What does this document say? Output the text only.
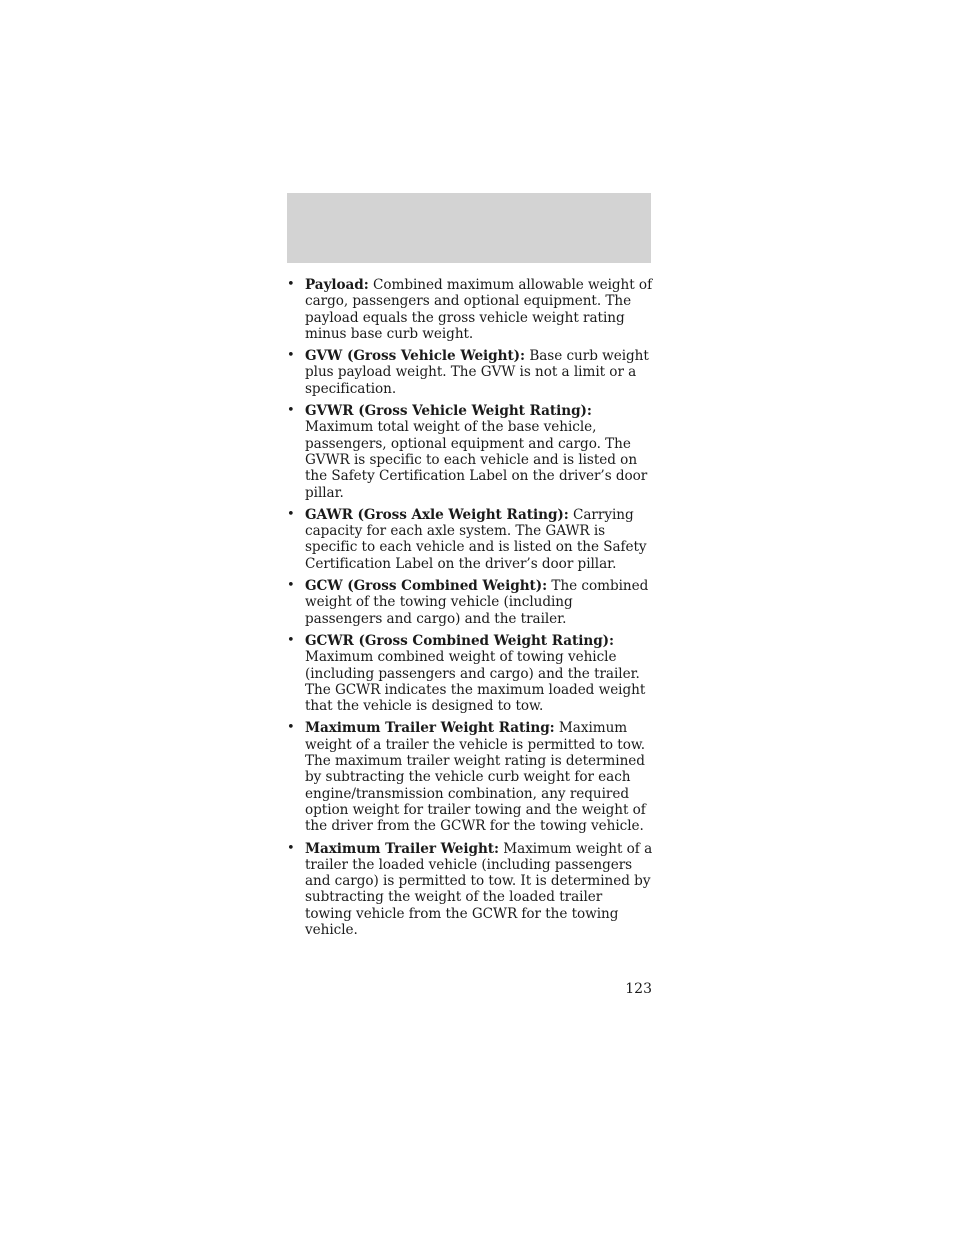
• Payload: Combined maximum allowable weight of cargo, passengers and optional equipment. The payload equals the gross vehicle weight rating minus base curb weight.
• GVW (Gross Vehicle Weight): Base curb weight plus payload weight. The GVW is not a limit or a specification.
• GVWR (Gross Vehicle Weight Rating): Maximum total weight of the base vehicle, passengers, optional equipment and cargo. The GVWR is specific to each vehicle and is listed on the Safety Certification Label on the driver’s door pillar.
• GAWR (Gross Axle Weight Rating): Carrying capacity for each axle system. The GAWR is specific to each vehicle and is listed on the Safety Certification Label on the driver’s door pillar.
• GCW (Gross Combined Weight): The combined weight of the towing vehicle (including passengers and cargo) and the trailer.
• GCWR (Gross Combined Weight Rating): Maximum combined weight of towing vehicle (including passengers and cargo) and the trailer. The GCWR indicates the maximum loaded weight that the vehicle is designed to tow.
• Maximum Trailer Weight Rating: Maximum weight of a trailer the vehicle is permitted to tow. The maximum trailer weight rating is determined by subtracting the vehicle curb weight for each engine/transmission combination, any required option weight for trailer towing and the weight of the driver from the GCWR for the towing vehicle.
• Maximum Trailer Weight: Maximum weight of a trailer the loaded vehicle (including passengers and cargo) is permitted to tow. It is determined by subtracting the weight of the loaded trailer towing vehicle from the GCWR for the towing vehicle.
123
